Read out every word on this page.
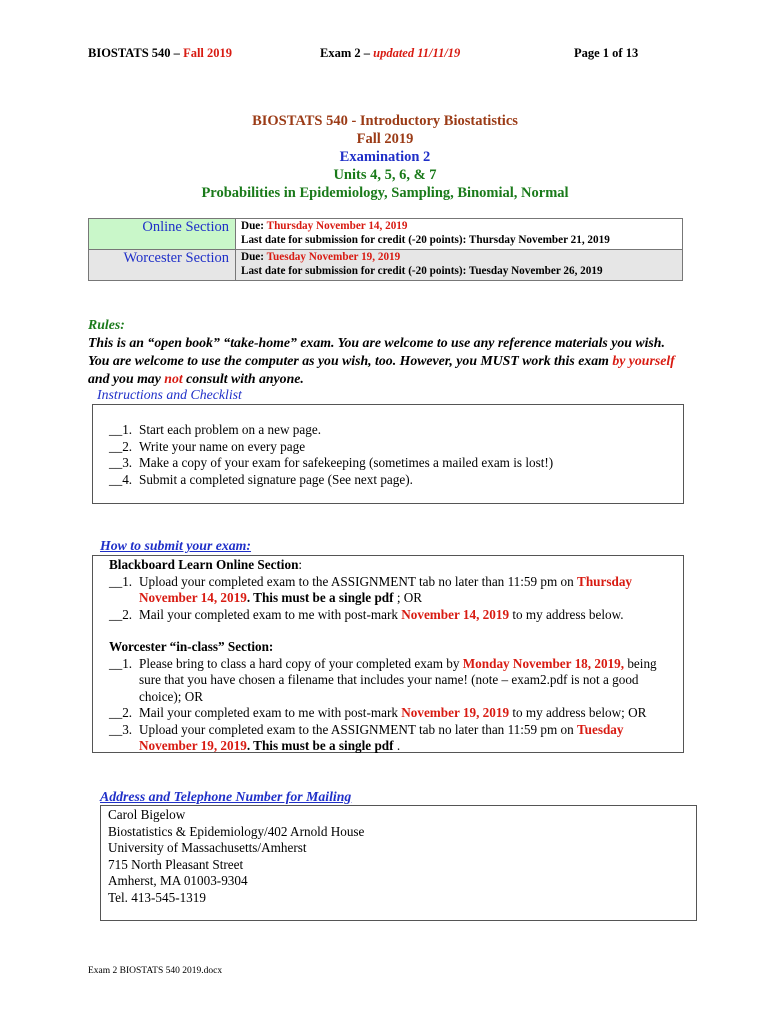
BIOSTATS 540 – Fall 2019	Exam 2 – updated 11/11/19	Page 1 of 13
BIOSTATS 540 - Introductory Biostatistics
Fall 2019
Examination 2
Units 4, 5, 6, & 7
Probabilities in Epidemiology, Sampling, Binomial, Normal
Online Section	Due: Thursday November 14, 2019
Last date for submission for credit (-20 points): Thursday November 21, 2019

Worcester Section	Due: Tuesday November 19, 2019
Last date for submission for credit (-20 points): Tuesday November 26, 2019
Rules:
This is an “open book” “take-home” exam. You are welcome to use any reference materials you wish. You are welcome to use the computer as you wish, too. However, you MUST work this exam by yourself and you may not consult with anyone.
Instructions and Checklist
__1. Start each problem on a new page.
__2. Write your name on every page
__3. Make a copy of your exam for safekeeping (sometimes a mailed exam is lost!)
__4. Submit a completed signature page (See next page).
How to submit your exam:
Blackboard Learn Online Section:
__1. Upload your completed exam to the ASSIGNMENT tab no later than 11:59 pm on Thursday November 14, 2019. This must be a single pdf ; OR
__2. Mail your completed exam to me with post-mark November 14, 2019 to my address below.
Worcester “in-class” Section:
__1. Please bring to class a hard copy of your completed exam by Monday November 18, 2019, being sure that you have chosen a filename that includes your name! (note – exam2.pdf is not a good choice); OR
__2. Mail your completed exam to me with post-mark November 19, 2019 to my address below; OR
__3. Upload your completed exam to the ASSIGNMENT tab no later than 11:59 pm on Tuesday November 19, 2019. This must be a single pdf .
Address and Telephone Number for Mailing
Carol Bigelow
Biostatistics & Epidemiology/402 Arnold House
University of Massachusetts/Amherst
715 North Pleasant Street
Amherst, MA 01003-9304
Tel. 413-545-1319
Exam 2 BIOSTATS 540 2019.docx
